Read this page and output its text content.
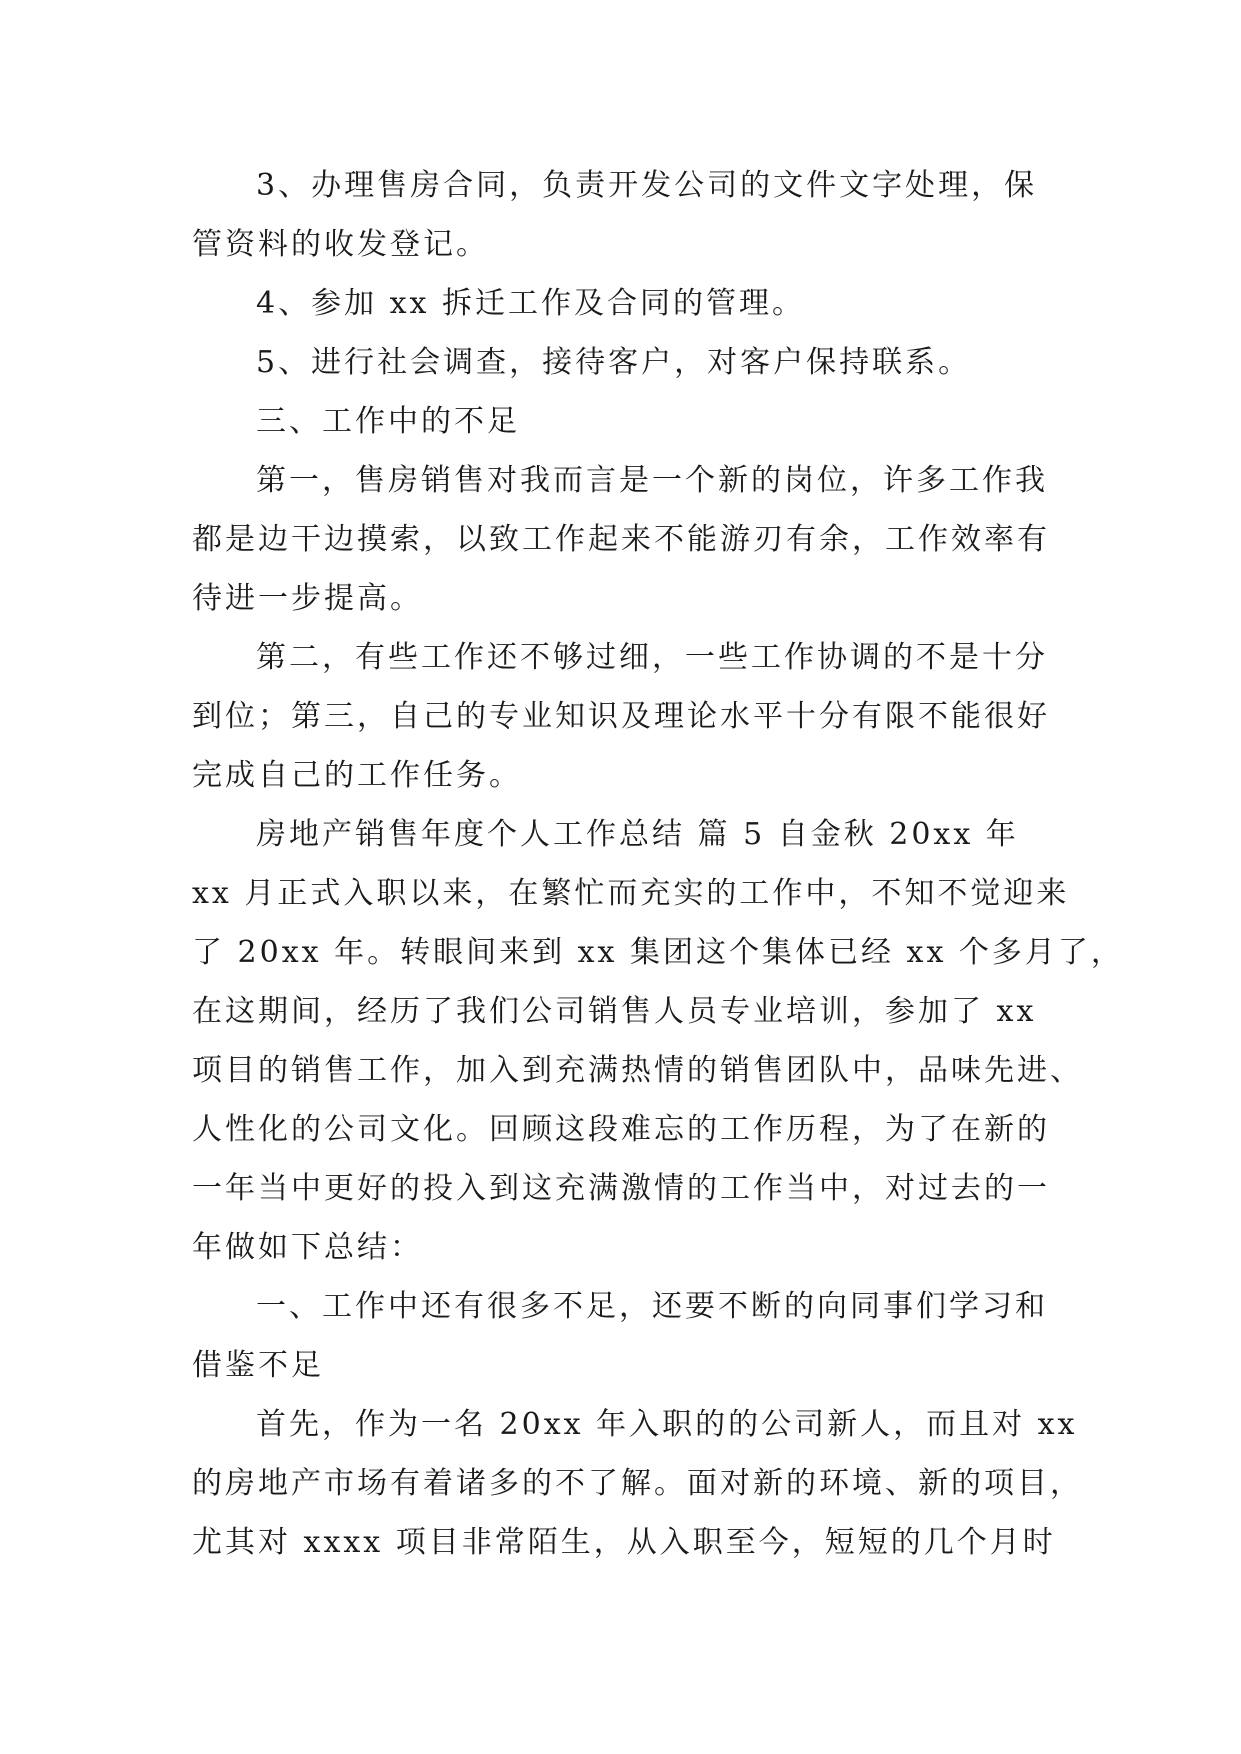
3、办理售房合同，负责开发公司的文件文字处理，保
管资料的收发登记。
4、参加 xx 拆迁工作及合同的管理。
5、进行社会调查，接待客户，对客户保持联系。
三、工作中的不足
第一，售房销售对我而言是一个新的岗位，许多工作我
都是边干边摸索，以致工作起来不能游刃有余，工作效率有
待进一步提高。
第二，有些工作还不够过细，一些工作协调的不是十分
到位；第三，自己的专业知识及理论水平十分有限不能很好
完成自己的工作任务。
房地产销售年度个人工作总结 篇 5 自金秋 20xx 年
xx 月正式入职以来，在繁忙而充实的工作中，不知不觉迎来
了 20xx 年。转眼间来到 xx 集团这个集体已经 xx 个多月了，
在这期间，经历了我们公司销售人员专业培训，参加了 xx
项目的销售工作，加入到充满热情的销售团队中，品味先进、
人性化的公司文化。回顾这段难忘的工作历程，为了在新的
一年当中更好的投入到这充满激情的工作当中，对过去的一
年做如下总结：
一、工作中还有很多不足，还要不断的向同事们学习和
借鉴不足
首先，作为一名 20xx 年入职的的公司新人，而且对 xx
的房地产市场有着诸多的不了解。面对新的环境、新的项目，
尤其对 xxxx 项目非常陌生，从入职至今，短短的几个月时
